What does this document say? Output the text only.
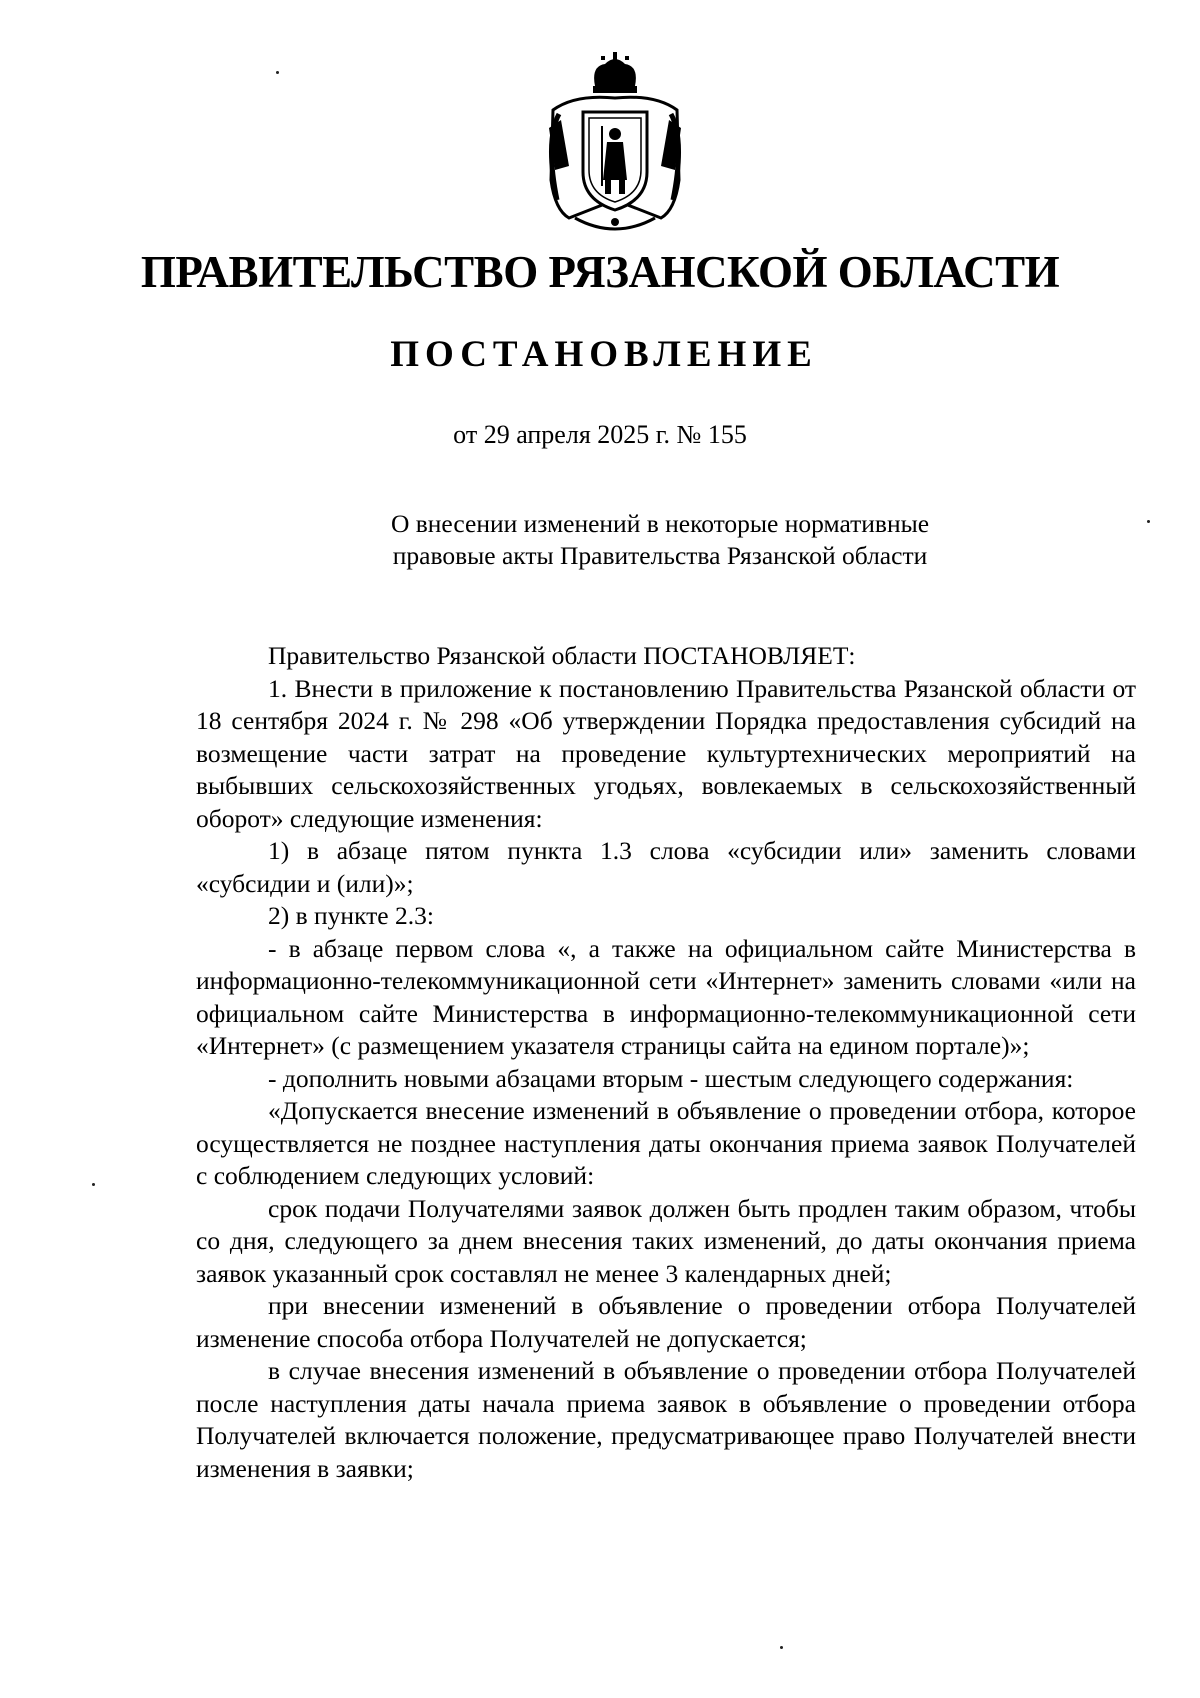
ПРАВИТЕЛЬСТВО РЯЗАНСКОЙ ОБЛАСТИ
ПОСТАНОВЛЕНИЕ
от 29 апреля 2025 г. № 155
О внесении изменений в некоторые нормативные
правовые акты Правительства Рязанской области

Правительство Рязанской области ПОСТАНОВЛЯЕТ:

1. Внести в приложение к постановлению Правительства Рязанской области от 18 сентября 2024 г. № 298 «Об утверждении Порядка предоставления субсидий на возмещение части затрат на проведение культуртехнических мероприятий на выбывших сельскохозяйственных угодьях, вовлекаемых в сельскохозяйственный оборот» следующие изменения:

1) в абзаце пятом пункта 1.3 слова «субсидии или» заменить словами «субсидии и (или)»;

2) в пункте 2.3:

- в абзаце первом слова «, а также на официальном сайте Министерства в информационно-телекоммуникационной сети «Интернет» заменить словами «или на официальном сайте Министерства в информационно-телекоммуникационной сети «Интернет» (с размещением указателя страницы сайта на едином портале)»;

- дополнить новыми абзацами вторым - шестым следующего содержания:

«Допускается внесение изменений в объявление о проведении отбора, которое осуществляется не позднее наступления даты окончания приема заявок Получателей с соблюдением следующих условий:

срок подачи Получателями заявок должен быть продлен таким образом, чтобы со дня, следующего за днем внесения таких изменений, до даты окончания приема заявок указанный срок составлял не менее 3 календарных дней;

при внесении изменений в объявление о проведении отбора Получателей изменение способа отбора Получателей не допускается;

в случае внесения изменений в объявление о проведении отбора Получателей после наступления даты начала приема заявок в объявление о проведении отбора Получателей включается положение, предусматривающее право Получателей внести изменения в заявки;
